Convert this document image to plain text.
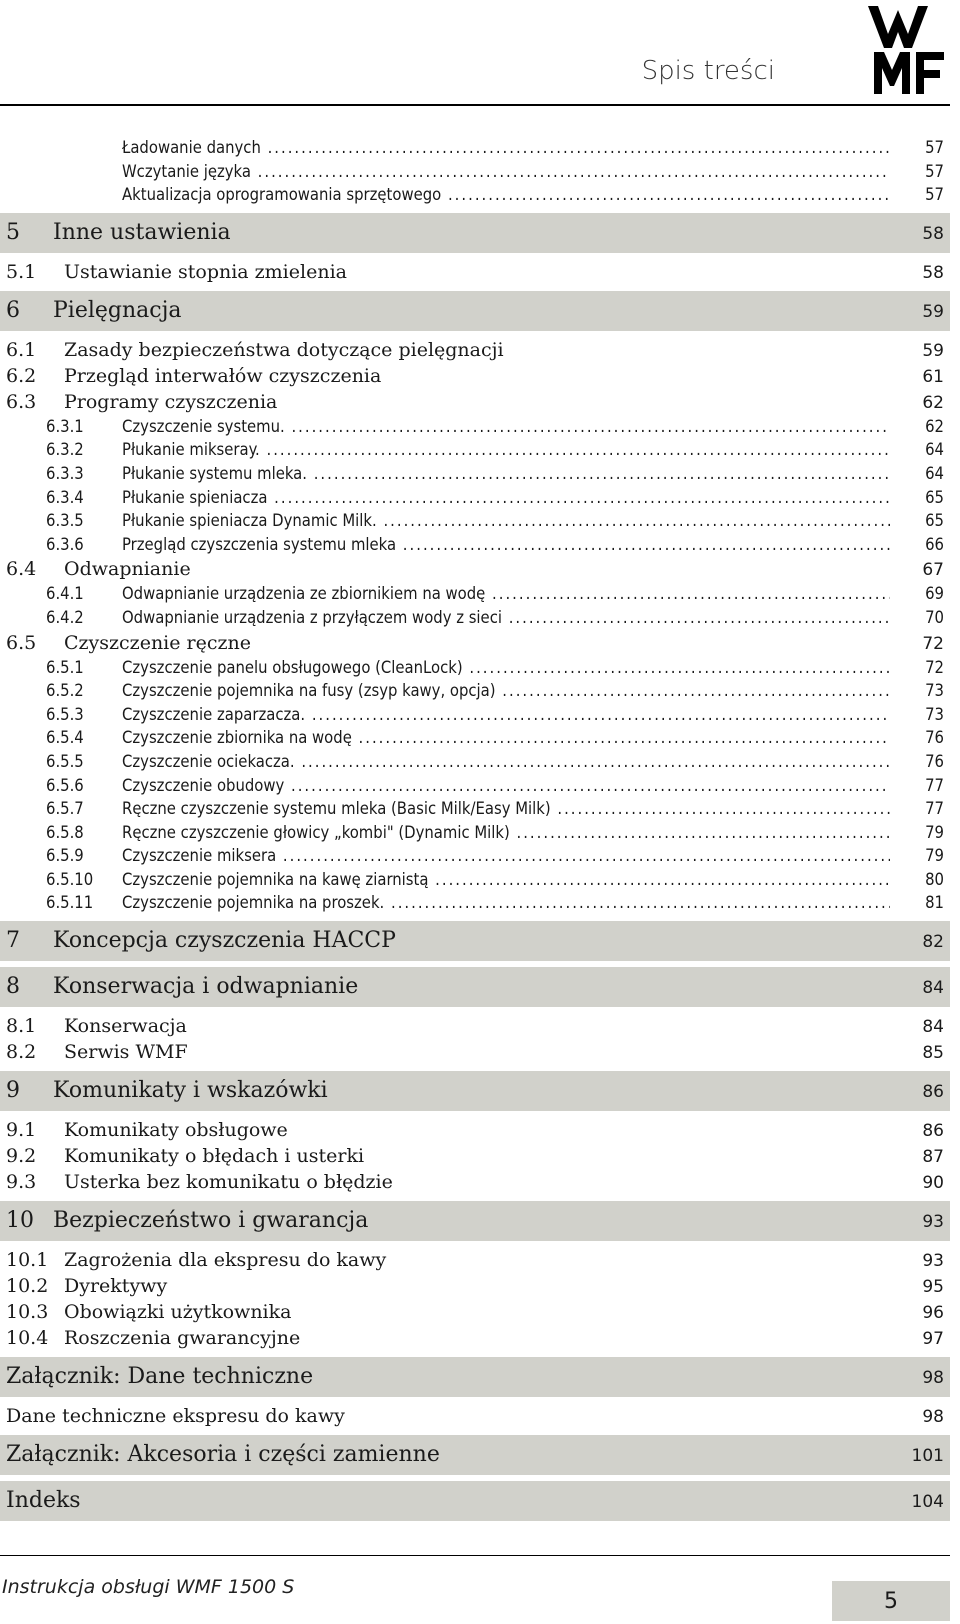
Spis treści
Ładowanie danych .....	57
Wczytanie języka .....	57
Aktualizacja oprogramowania sprzętowego .....	57
5 Inne ustawienia	58
5.1 Ustawianie stopnia zmielenia	58
6 Pielęgnacja	59
6.1 Zasady bezpieczeństwa dotyczące pielęgnacji	59
6.2 Przegląd interwałów czyszczenia	61
6.3 Programy czyszczenia	62
6.3.1 Czyszczenie systemu. .....	62
6.3.2 Płukanie mikseray. .....	64
6.3.3 Płukanie systemu mleka. .....	64
6.3.4 Płukanie spieniacza .....	65
6.3.5 Płukanie spieniacza Dynamic Milk. .....	65
6.3.6 Przegląd czyszczenia systemu mleka .....	66
6.4 Odwapnianie	67
6.4.1 Odwapnianie urządzenia ze zbiornikiem na wodę .....	69
6.4.2 Odwapnianie urządzenia z przyłączem wody z sieci .....	70
6.5 Czyszczenie ręczne	72
6.5.1 Czyszczenie panelu obsługowego (CleanLock) .....	72
6.5.2 Czyszczenie pojemnika na fusy (zsyp kawy, opcja) .....	73
6.5.3 Czyszczenie zaparzacza. .....	73
6.5.4 Czyszczenie zbiornika na wodę .....	76
6.5.5 Czyszczenie ociekacza. .....	76
6.5.6 Czyszczenie obudowy .....	77
6.5.7 Ręczne czyszczenie systemu mleka (Basic Milk/Easy Milk) .....	77
6.5.8 Ręczne czyszczenie głowicy „kombi" (Dynamic Milk) .....	79
6.5.9 Czyszczenie miksera .....	79
6.5.10 Czyszczenie pojemnika na kawę ziarnistą .....	80
6.5.11 Czyszczenie pojemnika na proszek. .....	81
7 Koncepcja czyszczenia HACCP	82
8 Konserwacja i odwapnianie	84
8.1 Konserwacja	84
8.2 Serwis WMF	85
9 Komunikaty i wskazówki	86
9.1 Komunikaty obsługowe	86
9.2 Komunikaty o błędach i usterki	87
9.3 Usterka bez komunikatu o błędzie	90
10 Bezpieczeństwo i gwarancja	93
10.1 Zagrożenia dla ekspresu do kawy	93
10.2 Dyrektywy	95
10.3 Obowiązki użytkownika	96
10.4 Roszczenia gwarancyjne	97
Załącznik: Dane techniczne	98
Dane techniczne ekspresu do kawy	98
Załącznik: Akcesoria i części zamienne	101
Indeks	104
Instrukcja obsługi WMF 1500 S
5
